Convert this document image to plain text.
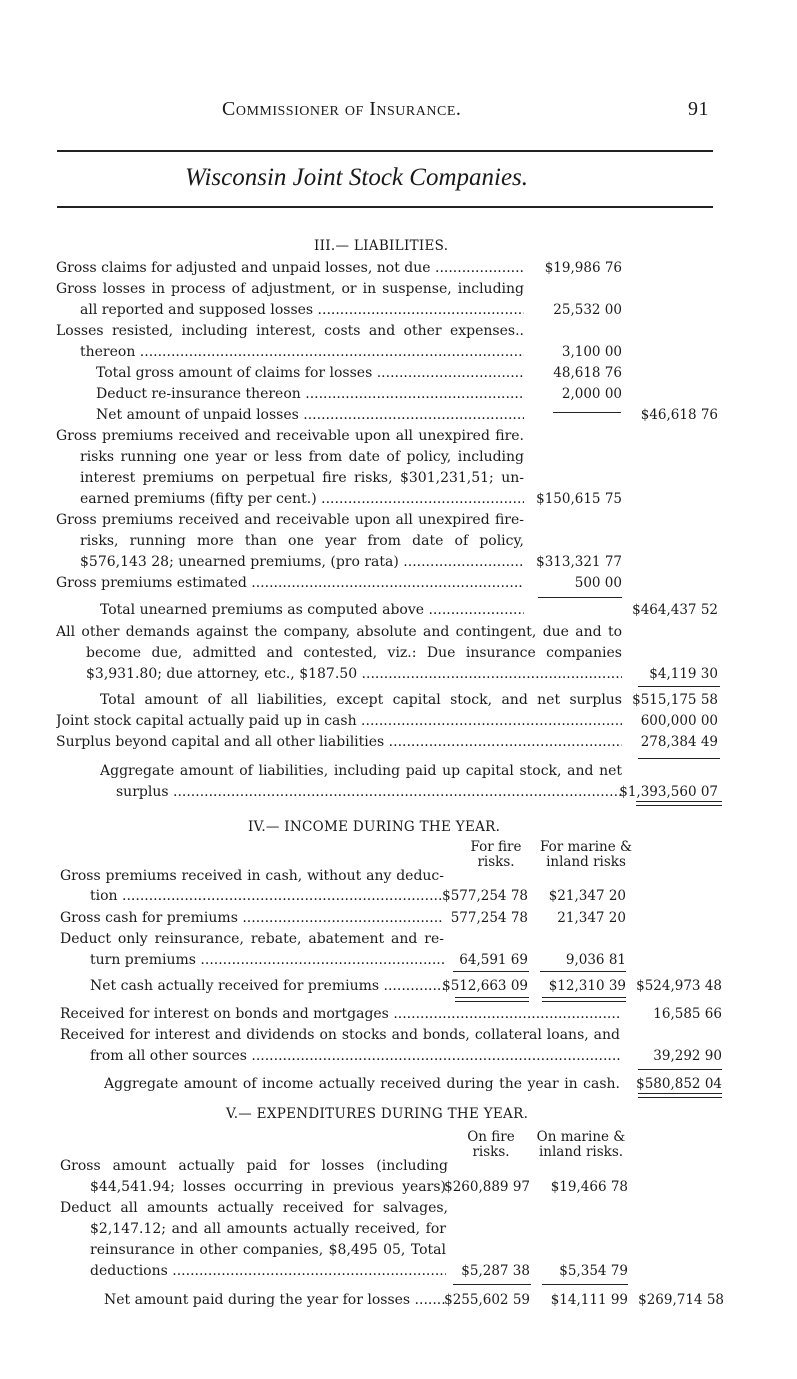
Commissioner of Insurance.	91
Wisconsin Joint Stock Companies.
III.— LIABILITIES.
Gross claims for adjusted and unpaid losses, not due .....	$19,986 76
Gross losses in process of adjustment, or in suspense, including
all reported and supposed losses .....	25,532 00
Losses resisted, including interest, costs and other expenses..
thereon .....	3,100 00
Total gross amount of claims for losses .....	48,618 76
Deduct re-insurance thereon .....	2,000 00
Net amount of unpaid losses .....	$46,618 76
Gross premiums received and receivable upon all unexpired fire.
risks running one year or less from date of policy, including
interest premiums on perpetual fire risks, $301,231,51; un-
earned premiums (fifty per cent.) .....	$150,615 75
Gross premiums received and receivable upon all unexpired fire-
risks, running more than one year from date of policy,
$576,143 28; unearned premiums, (pro rata) .....	$313,321 77
Gross premiums estimated .....	500 00
Total unearned premiums as computed above .....	$464,437 52
All other demands against the company, absolute and contingent, due and to
become due, admitted and contested, viz.: Due insurance companies
$3,931.80; due attorney, etc., $187.50 .....	$4,119 30
Total amount of all liabilities, except capital stock, and net surplus $515,175 58
Joint stock capital actually paid up in cash .....	600,000 00
Surplus beyond capital and all other liabilities .....	278,384 49
Aggregate amount of liabilities, including paid up capital stock, and net
surplus .....	$1,393,560 07
IV.— INCOME DURING THE YEAR.
For fire risks.
For marine & inland risks
Gross premiums received in cash, without any deduc-
tion .....	$577,254 78	$21,347 20
Gross cash for premiums .....	577,254 78	21,347 20
Deduct only reinsurance, rebate, abatement and re-
turn premiums .....	64,591 69	9,036 81
Net cash actually received for premiums .....	$512,663 09	$12,310 39 $524,973 48
Received for interest on bonds and mortgages .....	16,585 66
Received for interest and dividends on stocks and bonds, collateral loans, and
from all other sources .....	39,292 90
Aggregate amount of income actually received during the year in cash.	$580,852 04
V.— EXPENDITURES DURING THE YEAR.
On fire risks.
On marine & inland risks.
Gross amount actually paid for losses (including
$44,541.94; losses occurring in previous years)
$260,889 97	$19,466 78
Deduct all amounts actually received for salvages,
$2,147.12; and all amounts actually received, for
reinsurance in other companies, $8,495 05, Total
deductions .....	$5,287 38	$5,354 79
Net amount paid during the year for losses .....	$255,602 59	$14,111 99 $269,714 58
